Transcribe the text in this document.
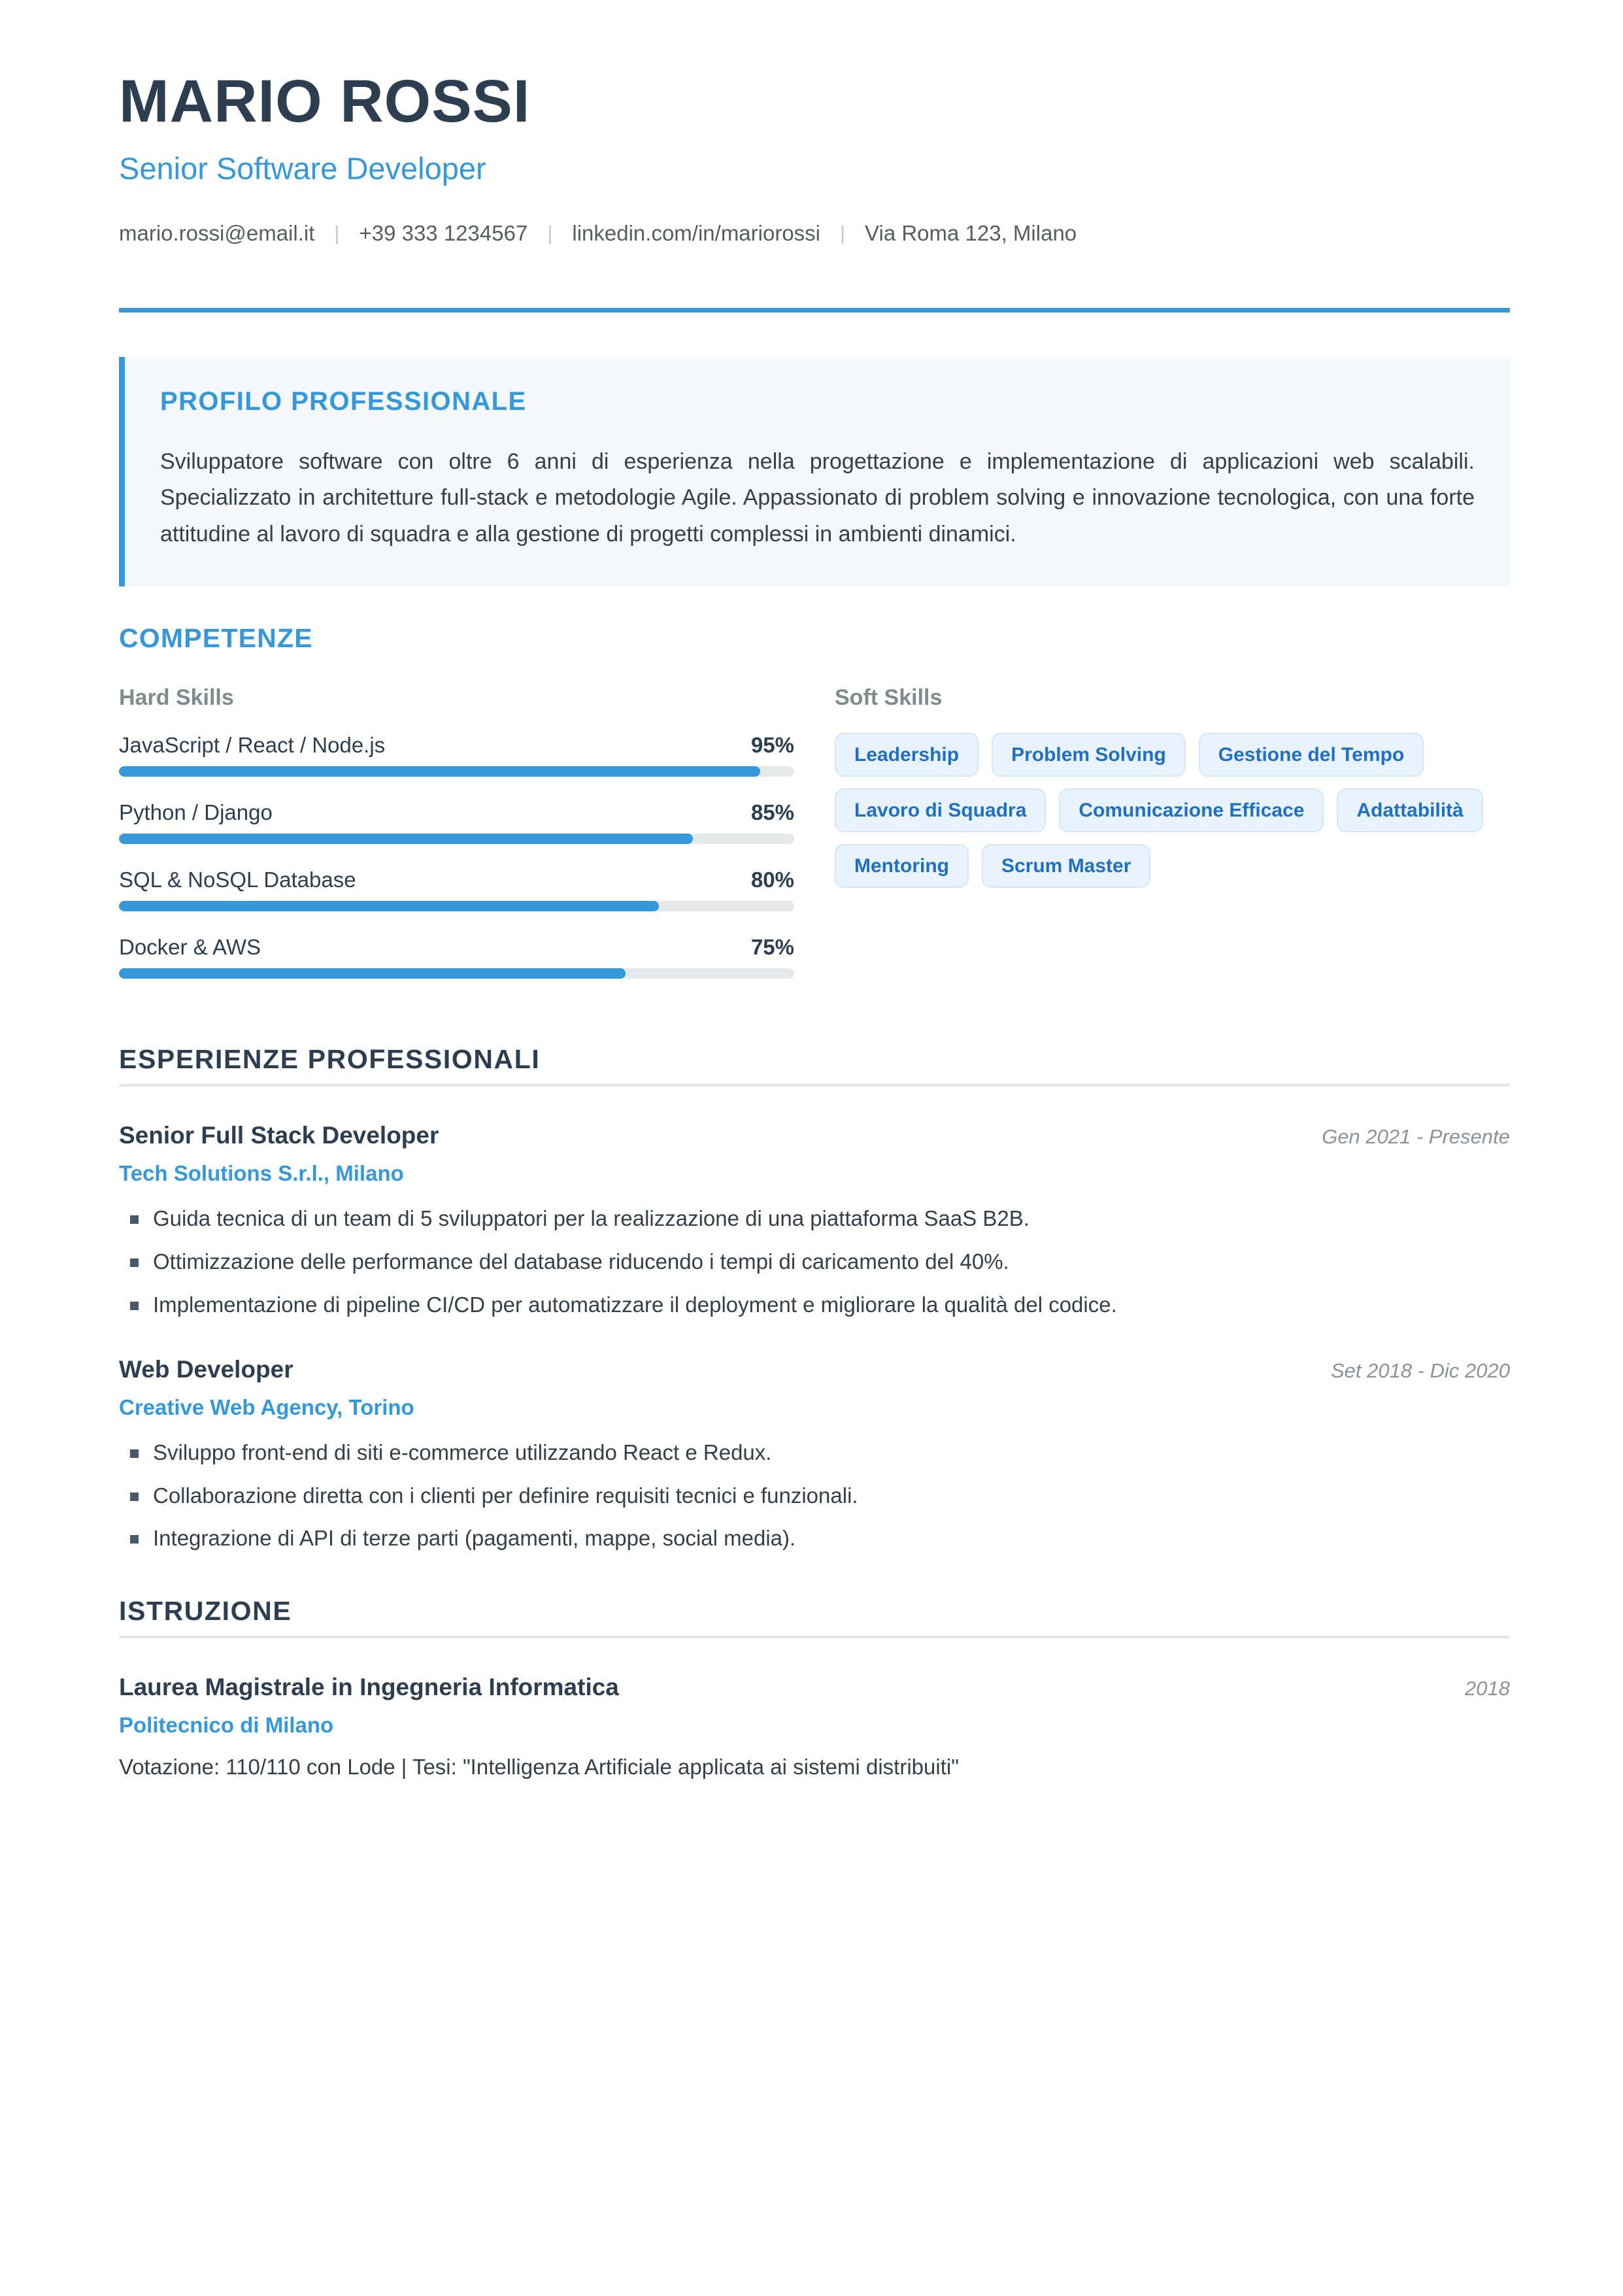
MARIO ROSSI
Senior Software Developer
mario.rossi@email.it | +39 333 1234567 | linkedin.com/in/mariorossi | Via Roma 123, Milano
PROFILO PROFESSIONALE

Sviluppatore software con oltre 6 anni di esperienza nella progettazione e implementazione di applicazioni web scalabili. Specializzato in architetture full-stack e metodologie Agile. Appassionato di problem solving e innovazione tecnologica, con una forte attitudine al lavoro di squadra e alla gestione di progetti complessi in ambienti dinamici.

COMPETENZE
Hard Skills
JavaScript / React / Node.js	95%
Python / Django	85%
SQL & NoSQL Database	80%
Docker & AWS	75%
Soft Skills
Leadership	Problem Solving	Gestione del Tempo
Lavoro di Squadra	Comunicazione Efficace	Adattabilità
Mentoring	Scrum Master
ESPERIENZE PROFESSIONALI
Senior Full Stack Developer	Gen 2021 - Presente
Tech Solutions S.r.l., Milano
Guida tecnica di un team di 5 sviluppatori per la realizzazione di una piattaforma SaaS B2B.
Ottimizzazione delle performance del database riducendo i tempi di caricamento del 40%.
Implementazione di pipeline CI/CD per automatizzare il deployment e migliorare la qualità del codice.
Web Developer	Set 2018 - Dic 2020
Creative Web Agency, Torino
Sviluppo front-end di siti e-commerce utilizzando React e Redux.
Collaborazione diretta con i clienti per definire requisiti tecnici e funzionali.
Integrazione di API di terze parti (pagamenti, mappe, social media).
ISTRUZIONE
Laurea Magistrale in Ingegneria Informatica	2018
Politecnico di Milano
Votazione: 110/110 con Lode | Tesi: "Intelligenza Artificiale applicata ai sistemi distribuiti"
